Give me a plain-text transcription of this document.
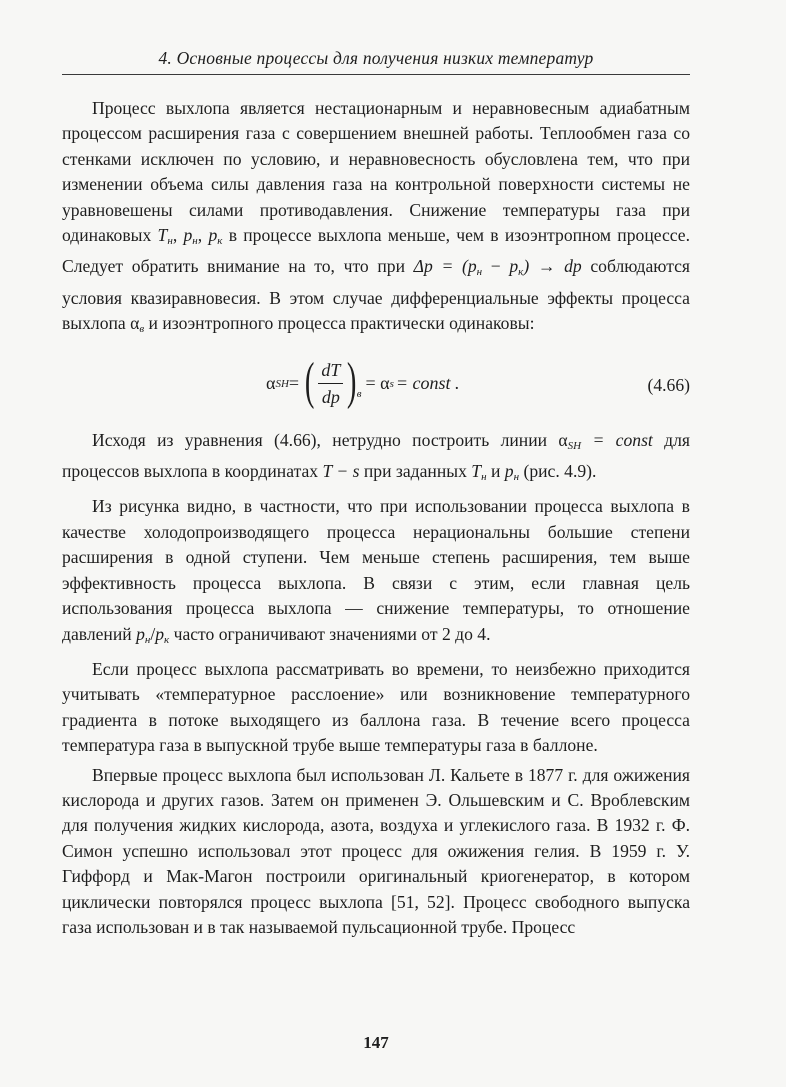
4. Основные процессы для получения низких температур

Процесс выхлопа является нестационарным и неравновесным адиабатным процессом расширения газа с совершением внешней работы. Теплообмен газа со стенками исключен по условию, и неравновесность обусловлена тем, что при изменении объема силы давления газа на контрольной поверхности системы не уравновешены силами противодавления. Снижение температуры газа при одинаковых $T_н$, $p_н$, $p_к$ в процессе выхлопа меньше, чем в изоэнтропном процессе. Следует обратить внимание на то, что при $\Delta p = (p_н - p_к)$ → dp соблюдаются условия квазиравновесия. В этом случае дифференциальные эффекты процесса выхлопа $\alpha_в$ и изоэнтропного процесса практически одинаковы:

α SH = ( $\frac{dT}{dp}$ ) в
= α s = const .	(4.66)

Исходя из уравнения (4.66), нетрудно построить линии $\alpha_{SH}$ = const для процессов выхлопа в координатах T − s при заданных $T_н$ и $p_н$ (рис. 4.9).

Из рисунка видно, в частности, что при использовании процесса выхлопа в качестве холодопроизводящего процесса нерациональны большие степени расширения в одной ступени. Чем меньше степень расширения, тем выше эффективность процесса выхлопа. В связи с этим, если главная цель использования процесса выхлопа — снижение температуры, то отношение давлений $p_н/p_к$ часто ограничивают значениями от 2 до 4.

Если процесс выхлопа рассматривать во времени, то неизбежно приходится учитывать «температурное расслоение» или возникновение температурного градиента в потоке выходящего из баллона газа. В течение всего процесса температура газа в выпускной трубе выше температуры газа в баллоне.

Впервые процесс выхлопа был использован Л. Кальете в 1877 г. для ожижения кислорода и других газов. Затем он применен Э. Ольшевским и С. Вроблевским для получения жидких кислорода, азота, воздуха и углекислого газа. В 1932 г. Ф. Симон успешно использовал этот процесс для ожижения гелия. В 1959 г. У. Гиффорд и Мак-Магон построили оригинальный криогенератор, в котором циклически повторялся процесс выхлопа [51, 52]. Процесс свободного выпуска газа использован и в так называемой пульсационной трубе. Процесс

147
